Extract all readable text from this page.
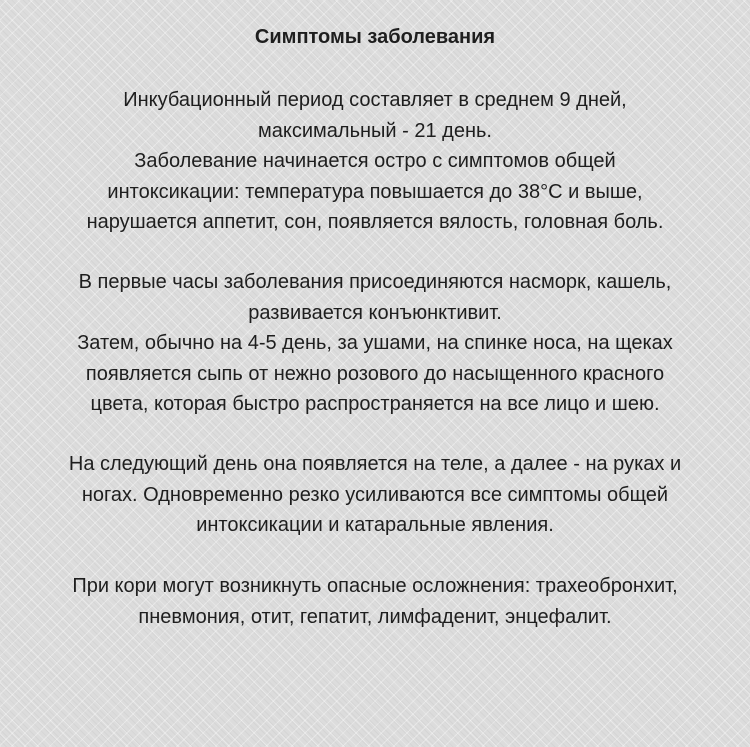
Симптомы заболевания
Инкубационный период составляет в среднем 9 дней,
максимальный - 21 день.
Заболевание начинается остро с симптомов общей
интоксикации: температура повышается до 38°С и выше,
нарушается аппетит, сон, появляется вялость, головная боль.
В первые часы заболевания присоединяются насморк, кашель,
развивается конъюнктивит.
Затем, обычно на 4-5 день, за ушами, на спинке носа, на щеках
появляется сыпь от нежно розового до насыщенного красного
цвета, которая быстро распространяется на все лицо и шею.
На следующий день она появляется на теле, а далее - на руках и
ногах. Одновременно резко усиливаются все симптомы общей
интоксикации и катаральные явления.
При кори могут возникнуть опасные осложнения: трахеобронхит,
пневмония, отит, гепатит, лимфаденит, энцефалит.
